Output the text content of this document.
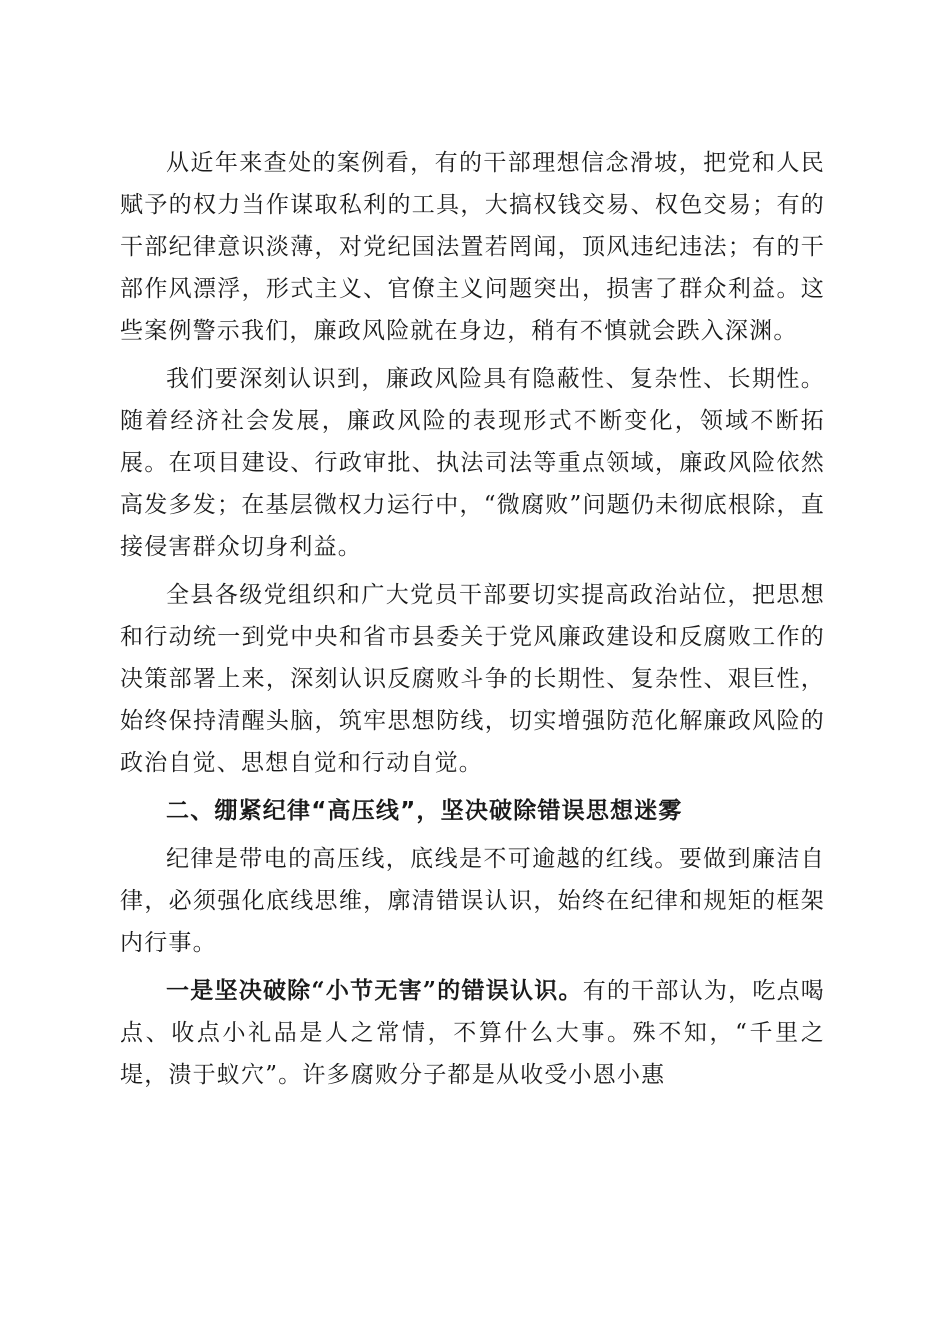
从近年来查处的案例看，有的干部理想信念滑坡，把党和人民赋予的权力当作谋取私利的工具，大搞权钱交易、权色交易；有的干部纪律意识淡薄，对党纪国法置若罔闻，顶风违纪违法；有的干部作风漂浮，形式主义、官僚主义问题突出，损害了群众利益。这些案例警示我们，廉政风险就在身边，稍有不慎就会跌入深渊。

我们要深刻认识到，廉政风险具有隐蔽性、复杂性、长期性。随着经济社会发展，廉政风险的表现形式不断变化，领域不断拓展。在项目建设、行政审批、执法司法等重点领域，廉政风险依然高发多发；在基层微权力运行中，“微腐败”问题仍未彻底根除，直接侵害群众切身利益。

全县各级党组织和广大党员干部要切实提高政治站位，把思想和行动统一到党中央和省市县委关于党风廉政建设和反腐败工作的决策部署上来，深刻认识反腐败斗争的长期性、复杂性、艰巨性，始终保持清醒头脑，筑牢思想防线，切实增强防范化解廉政风险的政治自觉、思想自觉和行动自觉。

二、绷紧纪律“高压线”，坚决破除错误思想迷雾

纪律是带电的高压线，底线是不可逾越的红线。要做到廉洁自律，必须强化底线思维，廓清错误认识，始终在纪律和规矩的框架内行事。

一是坚决破除“小节无害”的错误认识。有的干部认为，吃点喝点、收点小礼品是人之常情，不算什么大事。殊不知，“千里之堤，溃于蚁穴”。许多腐败分子都是从收受小恩小惠
